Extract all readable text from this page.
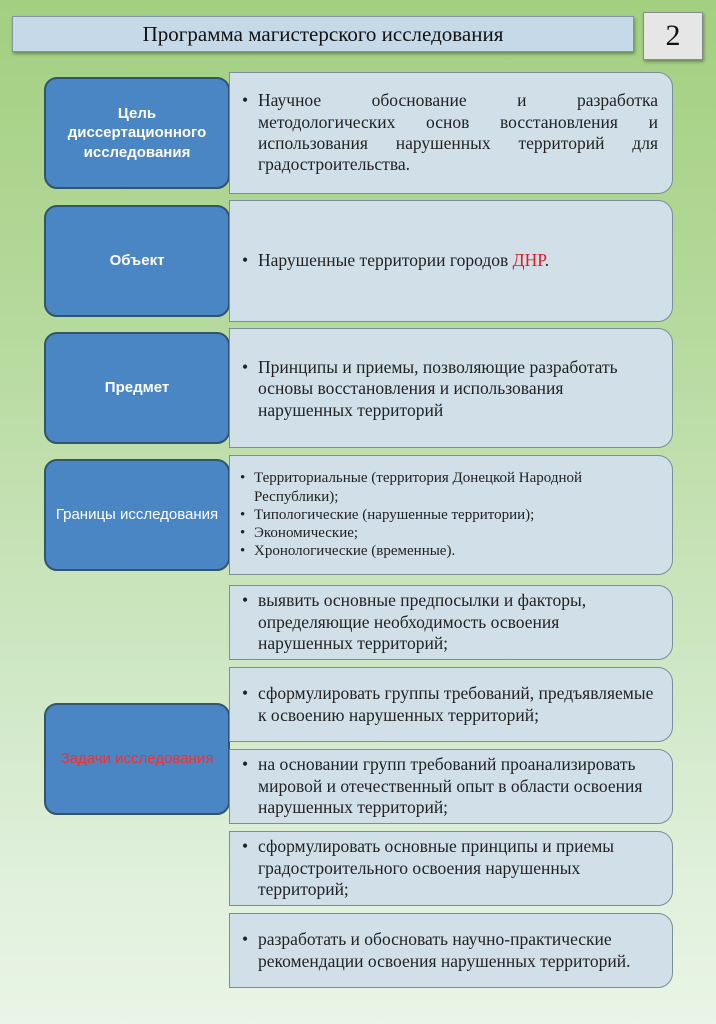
Программа магистерского исследования	2
Цель диссертационного исследования
• Научное обоснование и разработка методологических основ восстановления и использования нарушенных территорий для градостроительства.
Объект
•	Нарушенные территории городов ДНР.
Предмет
• Принципы и приемы, позволяющие разработать основы восстановления и использования нарушенных территорий
Границы исследования
• Территориальные (территория Донецкой Народной Республики);
• Типологические (нарушенные территории);
• Экономические;
• Хронологические (временные).
Задачи исследования
• выявить основные предпосылки и факторы, определяющие необходимость освоения нарушенных территорий;
• сформулировать группы требований, предъявляемые к освоению нарушенных территорий;
• на основании групп требований проанализировать мировой и отечественный опыт в области освоения нарушенных территорий;
• сформулировать основные принципы и приемы градостроительного освоения нарушенных территорий;
• разработать и обосновать научно-практические рекомендации освоения нарушенных территорий.
